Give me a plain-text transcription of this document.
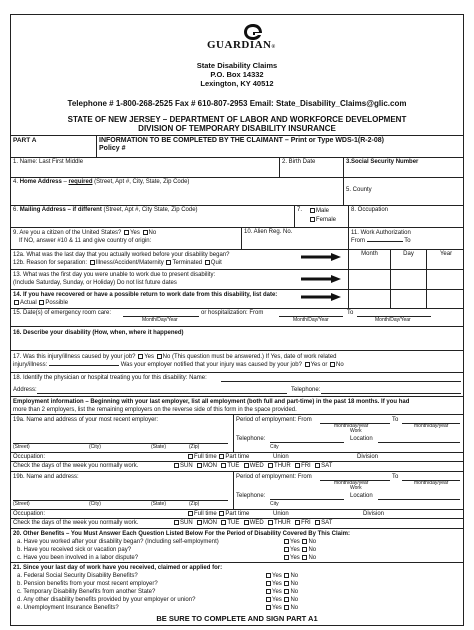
GUARDIAN®
State Disability Claims
P.O. Box 14332
Lexington, KY 40512
Telephone # 1-800-268-2525 Fax # 610-807-2953 Email: State_Disability_Claims@glic.com
STATE OF NEW JERSEY – DEPARTMENT OF LABOR AND WORKFORCE DEVELOPMENT
DIVISION OF TEMPORARY DISABILITY INSURANCE
PART A	INFORMATION TO BE COMPLETED BY THE CLAIMANT – Print or Type WDS-1(R-2-08)
Policy #
1. Name: Last First Middle	2. Birth Date	3.Social Security Number
4. Home Address – required (Street, Apt #, City, State, Zip Code)
5. County
6. Mailing Address – if different (Street, Apt #, City State, Zip Code)	7.	Male
Female
8. Occupation
9. Are you a citizen of the United States? Yes No
If NO, answer #10 & 11 and give country of origin:
10. Alien Reg. No.	11. Work Authorization
From	To
12a. What was the last day that you actually worked before your disability began?
12b. Reason for separation: Illness/Accident/Maternity Terminated Quit
Month	Day	Year
13. What was the first day you were unable to work due to present disability:
(Include Saturday, Sunday, or Holiday) Do not list future dates
14. If you have recovered or have a possible return to work date from this disability, list date:
Actual Possible
15. Date(s) of emergency room care:
Month/Day/Year
or hospitalization: From
Month/Day/Year
To
Month/Day/Year
16. Describe your disability (How, when, where it happened)
17. Was this injury/illness caused by your job? Yes No (This question must be answered.) If Yes, date of work related
injury/illness:	Was your employer notified that your injury was caused by your job? Yes or No
18. Identify the physician or hospital treating you for this disability: Name:
Address:	Telephone:
Employment information – Beginning with your last employer, list all employment (both full and part-time) in the past 18 months. If you had
more than 2 employers, list the remaining employers on the reverse side of this form in the space provided.
19a. Name and address of your most recent employer:
(Street)	(City)	(State)	(Zip)
Period of employment: From	To
month/day/year	month/day/year
Work
Telephone:	Location
City
Occupation:	Full time Part time	Union	Division
Check the days of the week you normally work.	SUN MON TUE WED THUR FRI SAT
19b. Name and address:
(Street)	(City)	(State)	(Zip)
Period of employment: From	To
month/day/year	month/day/year
Work
Telephone:	Location
City
Occupation:	Full time Part time	Union	Division
Check the days of the week you normally work.	SUN MON TUE WED THUR FRI SAT
20. Other Benefits – You Must Answer Each Question Listed Below For the Period of Disability Covered By This Claim:
a. Have you worked after your disability began? (Including self-employment)	Yes No
b. Have you received sick or vacation pay?	Yes No
c. Have you been involved in a labor dispute?	Yes No
21. Since your last day of work have you received, claimed or applied for:
a. Federal Social Security Disability Benefits?	Yes No
b. Pension benefits from your most recent employer?	Yes No
c. Temporary Disability Benefits from another State?	Yes No
d. Any other disability benefits provided by your employer or union?	Yes No
e. Unemployment Insurance Benefits?	Yes No
BE SURE TO COMPLETE AND SIGN PART A1
